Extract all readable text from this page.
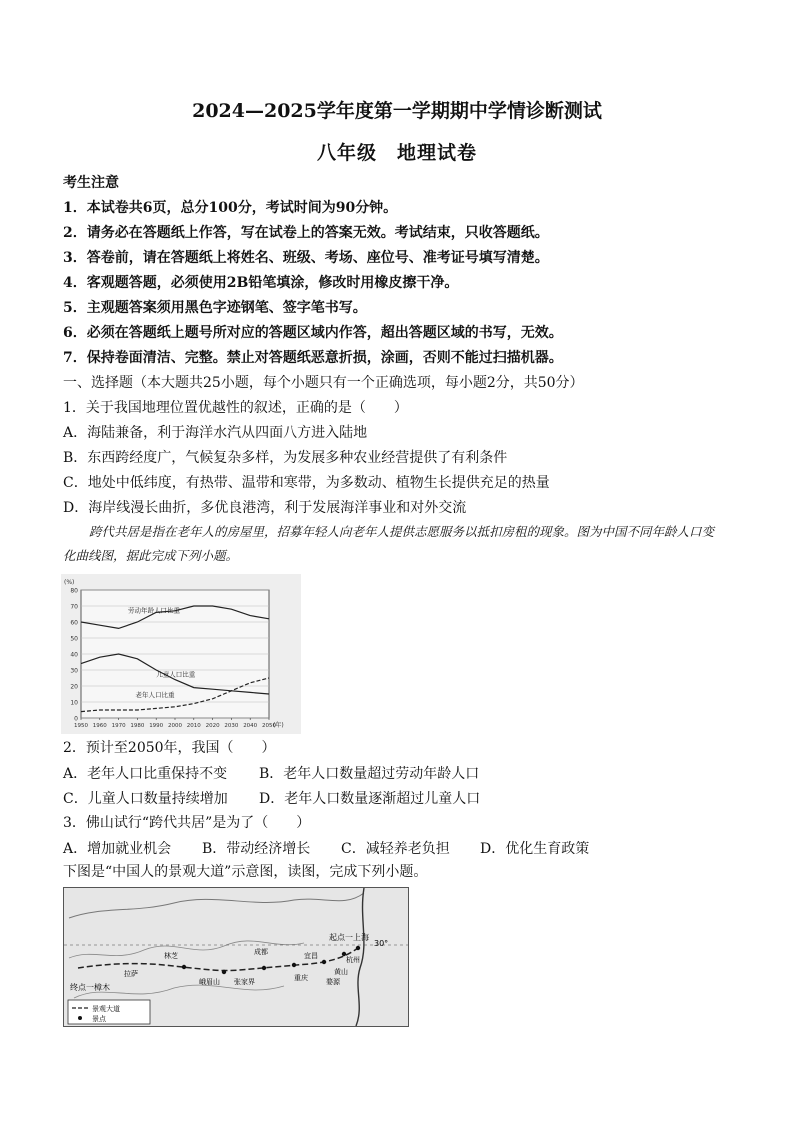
2024—2025学年度第一学期期中学情诊断测试
八年级　地理试卷
考生注意
1．本试卷共6页，总分100分，考试时间为90分钟。
2．请务必在答题纸上作答，写在试卷上的答案无效。考试结束，只收答题纸。
3．答卷前，请在答题纸上将姓名、班级、考场、座位号、准考证号填写清楚。
4．客观题答题，必须使用2B铅笔填涂，修改时用橡皮擦干净。
5．主观题答案须用黑色字迹钢笔、签字笔书写。
6．必须在答题纸上题号所对应的答题区域内作答，超出答题区域的书写，无效。
7．保持卷面清洁、完整。禁止对答题纸恶意折损，涂画，否则不能过扫描机器。
一、选择题（本大题共25小题，每个小题只有一个正确选项，每小题2分，共50分）
1．关于我国地理位置优越性的叙述，正确的是（　　）
A．海陆兼备，利于海洋水汽从四面八方进入陆地
B．东西跨经度广，气候复杂多样，为发展多种农业经营提供了有利条件
C．地处中低纬度，有热带、温带和寒带，为多数动、植物生长提供充足的热量
D．海岸线漫长曲折，多优良港湾，利于发展海洋事业和对外交流
跨代共居是指在老年人的房屋里，招募年轻人向老年人提供志愿服务以抵扣房租的现象。图为中国不同年龄人口变化曲线图，据此完成下列小题。
0
10
20
30
40
50
60
70
80
1950 1960 1970 1980 1990 2000 2010 2020 2030 2040 2050
(%)
(年)
劳动年龄人口比重
儿童人口比重
老年人口比重
2．预计至2050年，我国（　　）
A．老年人口比重保持不变	B．老年人口数量超过劳动年龄人口
C．儿童人口数量持续增加	D．老年人口数量逐渐超过儿童人口
3．佛山试行“跨代共居”是为了（　　）
A．增加就业机会	B．带动经济增长	C．减轻养老负担	D．优化生育政策
下图是“中国人的景观大道”示意图，读图，完成下列小题。
起点一上海
30°
终点一樟木
成都	宜昌
重庆
黄山
杭州
拉萨
林芝
峨眉山 张家界	婺源
景观大道
景点
